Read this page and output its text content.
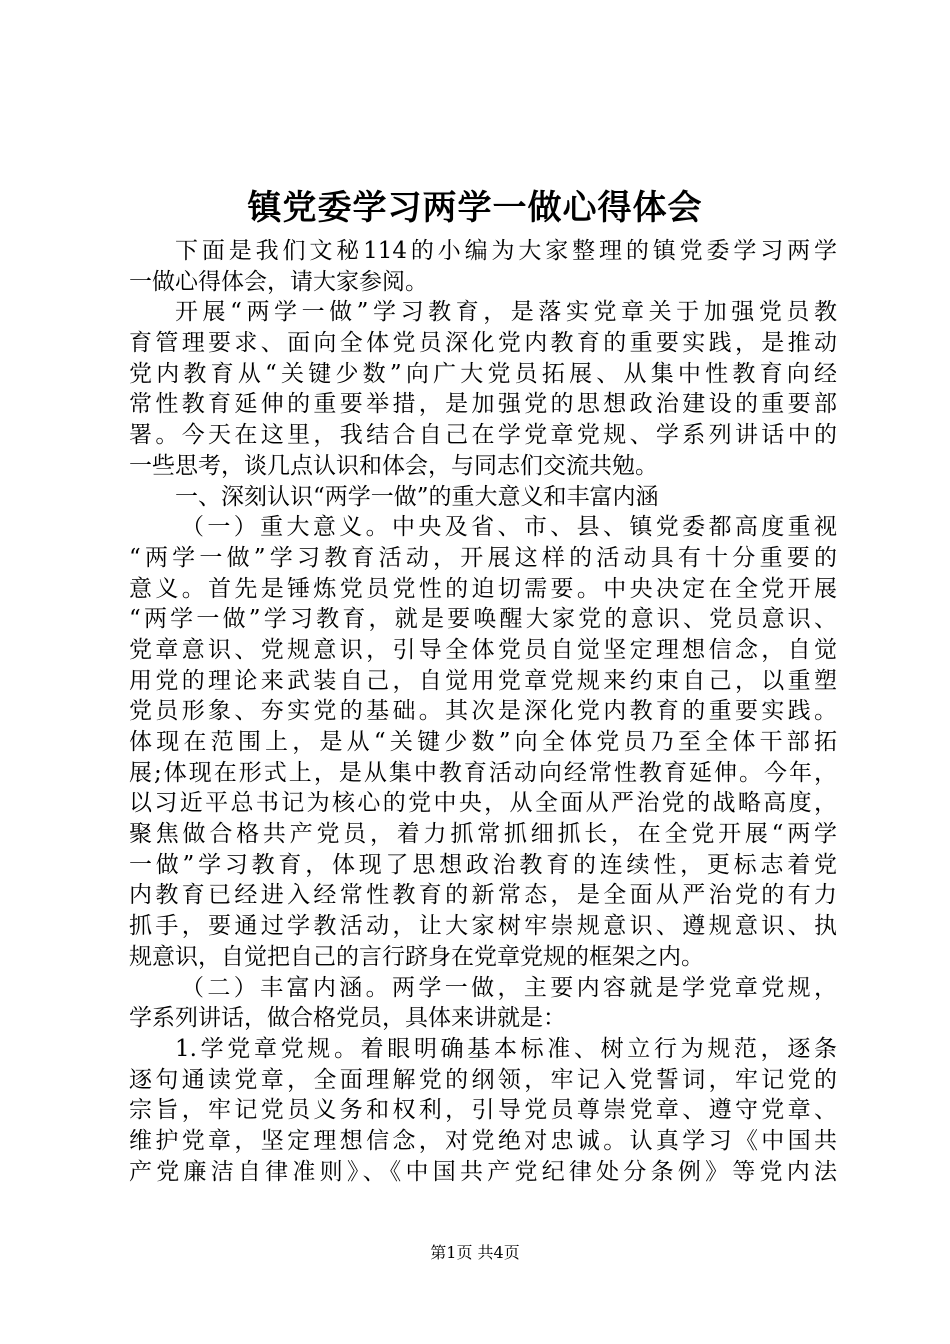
镇党委学习两学一做心得体会
下面是我们文秘114的小编为大家整理的镇党委学习两学
一做心得体会，请大家参阅。
开展“两学一做”学习教育，是落实党章关于加强党员教
育管理要求、面向全体党员深化党内教育的重要实践，是推动
党内教育从“关键少数”向广大党员拓展、从集中性教育向经
常性教育延伸的重要举措，是加强党的思想政治建设的重要部
署。今天在这里，我结合自己在学党章党规、学系列讲话中的
一些思考，谈几点认识和体会，与同志们交流共勉。
一、深刻认识“两学一做”的重大意义和丰富内涵
（一）重大意义。中央及省、市、县、镇党委都高度重视
“两学一做”学习教育活动，开展这样的活动具有十分重要的
意义。首先是锤炼党员党性的迫切需要。中央决定在全党开展
“两学一做”学习教育，就是要唤醒大家党的意识、党员意识、
党章意识、党规意识，引导全体党员自觉坚定理想信念，自觉
用党的理论来武装自己，自觉用党章党规来约束自己，以重塑
党员形象、夯实党的基础。其次是深化党内教育的重要实践。
体现在范围上，是从“关键少数”向全体党员乃至全体干部拓
展;体现在形式上，是从集中教育活动向经常性教育延伸。今年，
以习近平总书记为核心的党中央，从全面从严治党的战略高度，
聚焦做合格共产党员，着力抓常抓细抓长，在全党开展“两学
一做”学习教育，体现了思想政治教育的连续性，更标志着党
内教育已经进入经常性教育的新常态，是全面从严治党的有力
抓手，要通过学教活动，让大家树牢崇规意识、遵规意识、执
规意识，自觉把自己的言行跻身在党章党规的框架之内。
（二）丰富内涵。两学一做，主要内容就是学党章党规，
学系列讲话，做合格党员，具体来讲就是：
1.学党章党规。着眼明确基本标准、树立行为规范，逐条
逐句通读党章，全面理解党的纲领，牢记入党誓词，牢记党的
宗旨，牢记党员义务和权利，引导党员尊崇党章、遵守党章、
维护党章，坚定理想信念，对党绝对忠诚。认真学习《中国共
产党廉洁自律准则》、《中国共产党纪律处分条例》等党内法
第1页 共4页
